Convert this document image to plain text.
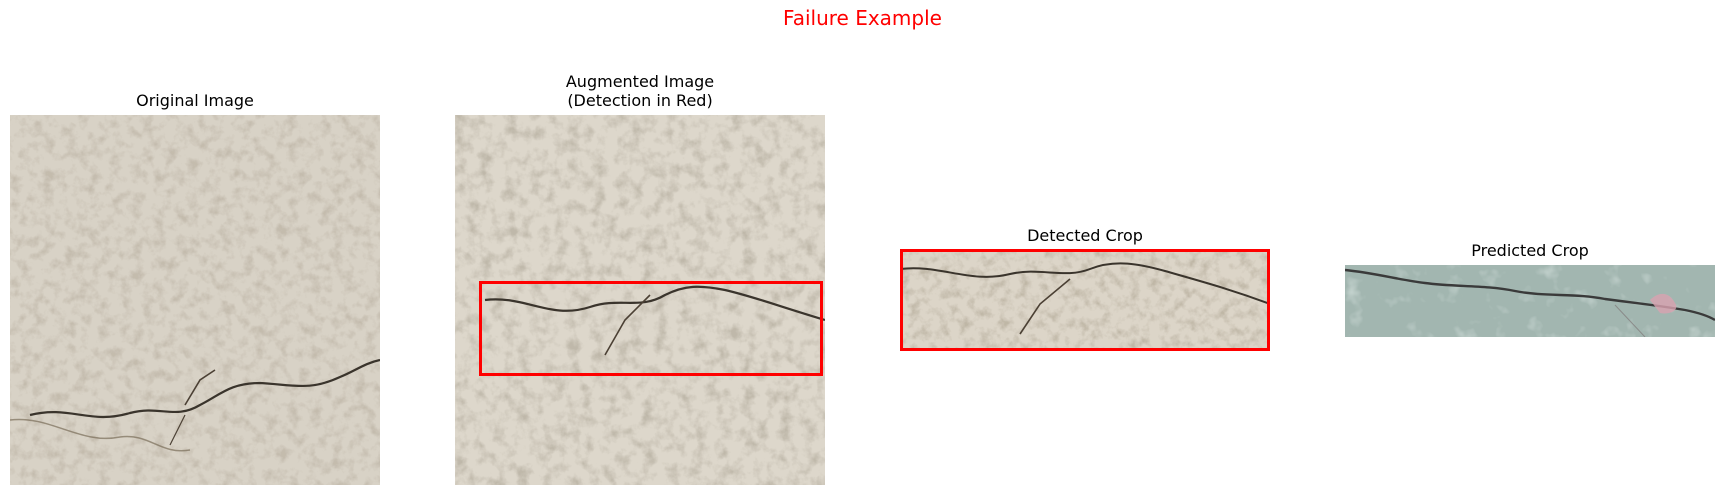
Failure Example
Original Image
Augmented Image
(Detection in Red)
Detected Crop
Predicted Crop
